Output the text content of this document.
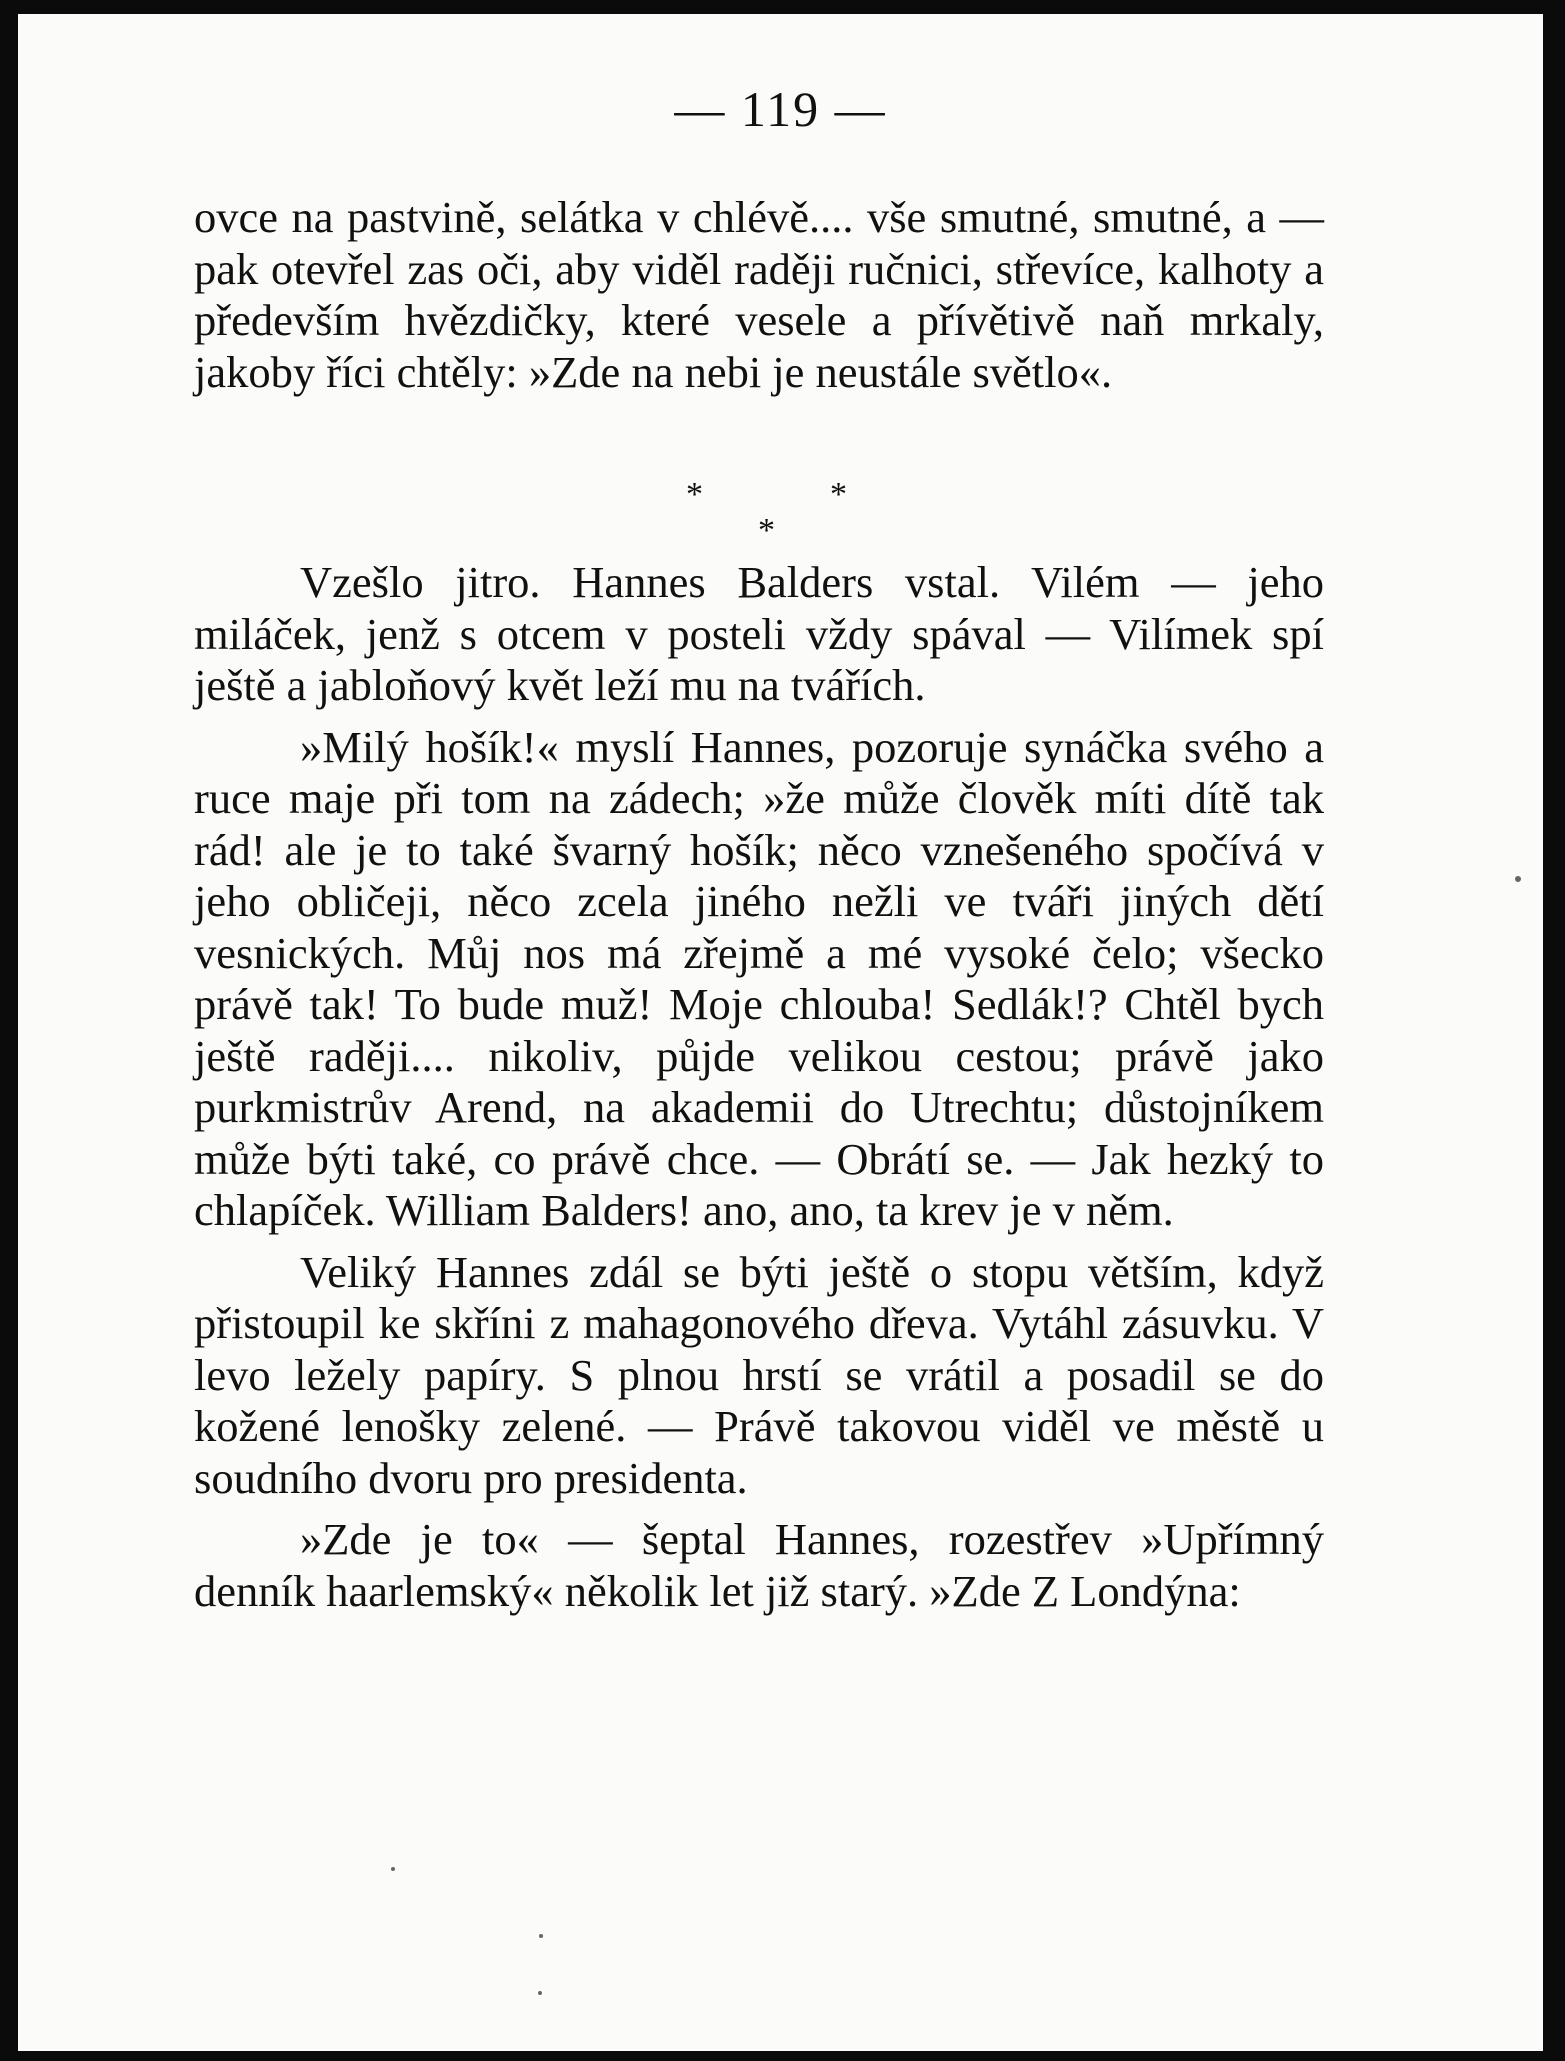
— 119 —

ovce na pastvině, selátka v chlévě.... vše smutné, smutné, a — pak otevřel zas oči, aby viděl raději ručnici, střevíce, kalhoty a především hvězdičky, které vesele a přívětivě naň mrkaly, jakoby říci chtěly: »Zde na nebi je neustále světlo«.

*	*
*

Vzešlo jitro. Hannes Balders vstal. Vilém — jeho miláček, jenž s otcem v posteli vždy spával — Vilímek spí ještě a jabloňový květ leží mu na tvářích.

»Milý hošík!« myslí Hannes, pozoruje synáčka svého a ruce maje při tom na zádech; »že může člověk míti dítě tak rád! ale je to také švarný hošík; něco vznešeného spočívá v jeho obličeji, něco zcela jiného nežli ve tváři jiných dětí vesnických. Můj nos má zřejmě a mé vysoké čelo; všecko právě tak! To bude muž! Moje chlouba! Sedlák!? Chtěl bych ještě raději.... nikoliv, půjde velikou cestou; právě jako purkmistrův Arend, na akademii do Utrechtu; důstojníkem může býti také, co právě chce. — Obrátí se. — Jak hezký to chlapíček. William Balders! ano, ano, ta krev je v něm.

Veliký Hannes zdál se býti ještě o stopu větším, když přistoupil ke skříni z mahagonového dřeva. Vytáhl zásuvku. V levo ležely papíry. S plnou hrstí se vrátil a posadil se do kožené lenošky zelené. — Právě takovou viděl ve městě u soudního dvoru pro presidenta.

»Zde je to« — šeptal Hannes, rozestřev »Upřímný denník haarlemský« několik let již starý. »Zde Z Londýna:
